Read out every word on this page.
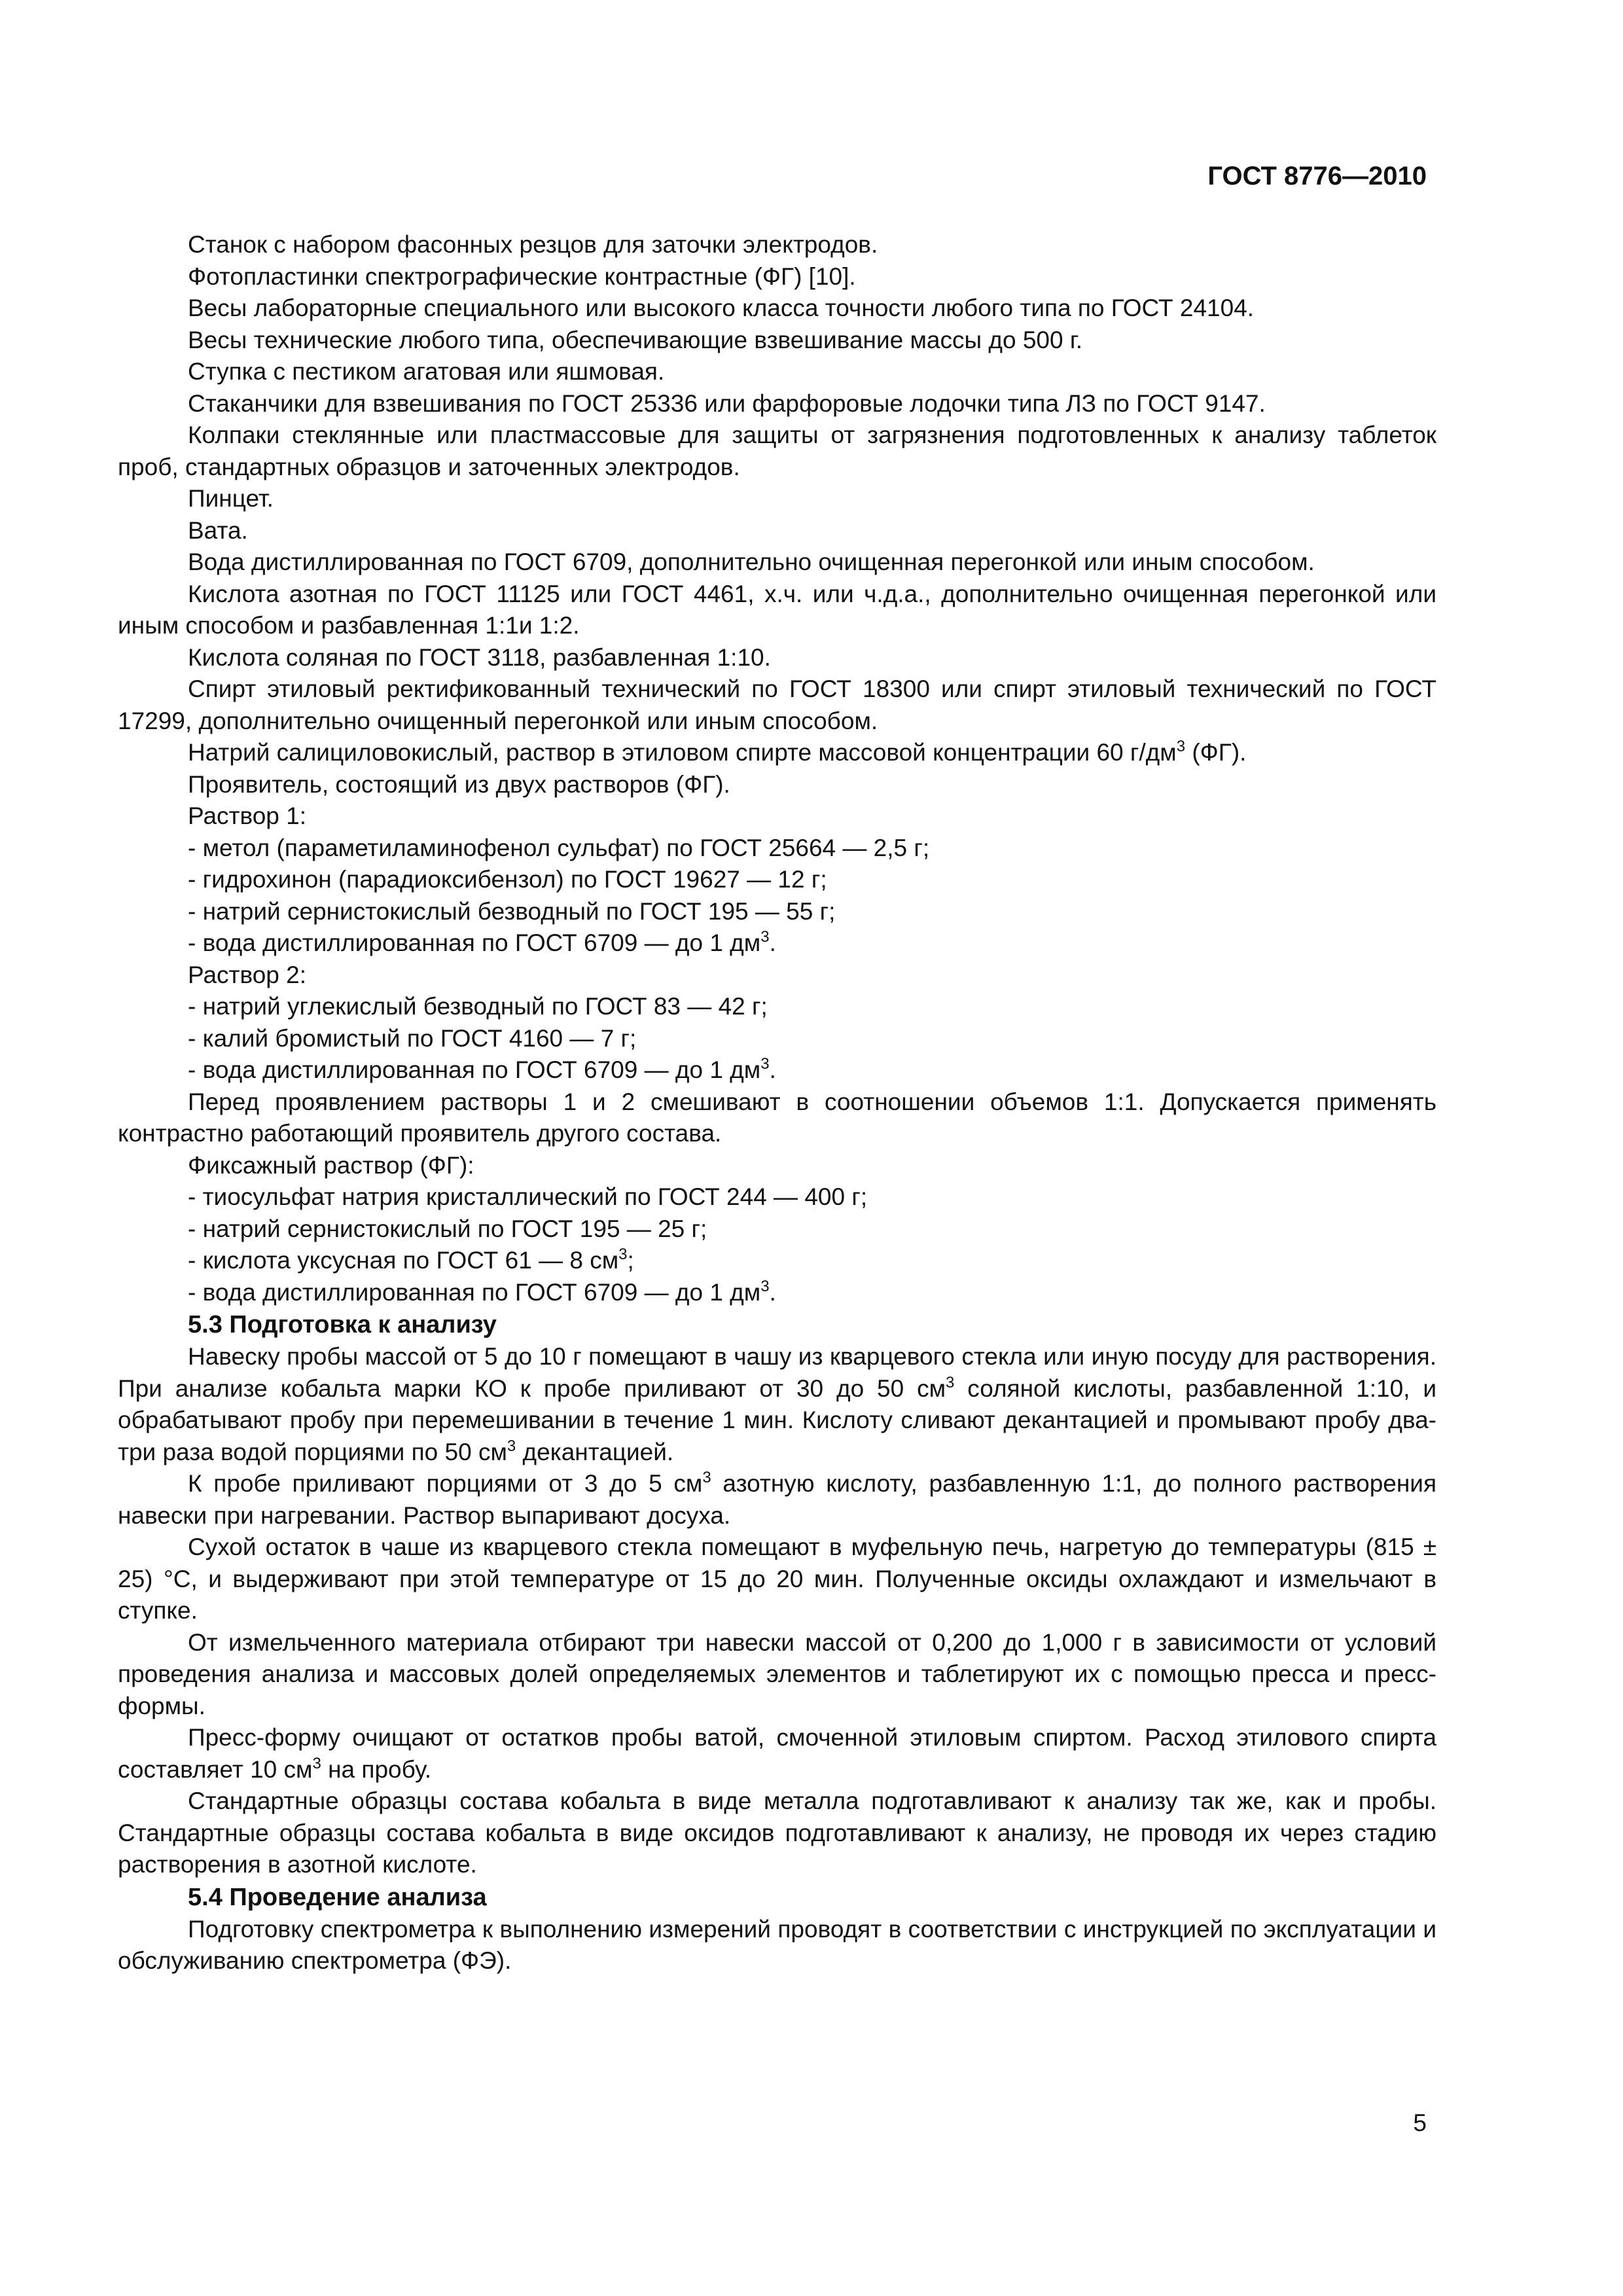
ГОСТ 8776—2010

Станок с набором фасонных резцов для заточки электродов.

Фотопластинки спектрографические контрастные (ФГ) [10].

Весы лабораторные специального или высокого класса точности любого типа по ГОСТ 24104.

Весы технические любого типа, обеспечивающие взвешивание массы до 500 г.

Ступка с пестиком агатовая или яшмовая.

Стаканчики для взвешивания по ГОСТ 25336 или фарфоровые лодочки типа ЛЗ по ГОСТ 9147.

Колпаки стеклянные или пластмассовые для защиты от загрязнения подготовленных к анализу таблеток проб, стандартных образцов и заточенных электродов.

Пинцет.

Вата.

Вода дистиллированная по ГОСТ 6709, дополнительно очищенная перегонкой или иным способом.

Кислота азотная по ГОСТ 11125 или ГОСТ 4461, х.ч. или ч.д.а., дополнительно очищенная перегонкой или иным способом и разбавленная 1:1и 1:2.

Кислота соляная по ГОСТ 3118, разбавленная 1:10.

Спирт этиловый ректификованный технический по ГОСТ 18300 или спирт этиловый технический по ГОСТ 17299, дополнительно очищенный перегонкой или иным способом.

Натрий салициловокислый, раствор в этиловом спирте массовой концентрации 60 $г/дм^3$ (ФГ).

Проявитель, состоящий из двух растворов (ФГ).

Раствор 1:

- метол (параметиламинофенол сульфат) по ГОСТ 25664 — 2,5 г;

- гидрохинон (парадиоксибензол) по ГОСТ 19627 — 12 г;

- натрий сернистокислый безводный по ГОСТ 195 — 55 г;

- вода дистиллированная по ГОСТ 6709 — до 1 $дм^3$.

Раствор 2:

- натрий углекислый безводный по ГОСТ 83 — 42 г;

- калий бромистый по ГОСТ 4160 — 7 г;

- вода дистиллированная по ГОСТ 6709 — до 1 $дм^3$.

Перед проявлением растворы 1 и 2 смешивают в соотношении объемов 1:1. Допускается применять контрастно работающий проявитель другого состава.

Фиксажный раствор (ФГ):

- тиосульфат натрия кристаллический по ГОСТ 244 — 400 г;

- натрий сернистокислый по ГОСТ 195 — 25 г;

- кислота уксусная по ГОСТ 61 — 8 $см^3$;

- вода дистиллированная по ГОСТ 6709 — до 1 $дм^3$.

5.3 Подготовка к анализу

Навеску пробы массой от 5 до 10 г помещают в чашу из кварцевого стекла или иную посуду для растворения. При анализе кобальта марки КО к пробе приливают от 30 до 50 $см^3$ соляной кислоты, разбавленной 1:10, и обрабатывают пробу при перемешивании в течение 1 мин. Кислоту сливают декантацией и промывают пробу два-три раза водой порциями по 50 $см^3$ декантацией.

К пробе приливают порциями от 3 до 5 $см^3$ азотную кислоту, разбавленную 1:1, до полного растворения навески при нагревании. Раствор выпаривают досуха.

Сухой остаток в чаше из кварцевого стекла помещают в муфельную печь, нагретую до температуры (815 ± 25) °С, и выдерживают при этой температуре от 15 до 20 мин. Полученные оксиды охлаждают и измельчают в ступке.

От измельченного материала отбирают три навески массой от 0,200 до 1,000 г в зависимости от условий проведения анализа и массовых долей определяемых элементов и таблетируют их с помощью пресса и пресс-формы.

Пресс-форму очищают от остатков пробы ватой, смоченной этиловым спиртом. Расход этилового спирта составляет 10 $см^3$ на пробу.

Стандартные образцы состава кобальта в виде металла подготавливают к анализу так же, как и пробы. Стандартные образцы состава кобальта в виде оксидов подготавливают к анализу, не проводя их через стадию растворения в азотной кислоте.

5.4 Проведение анализа

Подготовку спектрометра к выполнению измерений проводят в соответствии с инструкцией по эксплуатации и обслуживанию спектрометра (ФЭ).

5
